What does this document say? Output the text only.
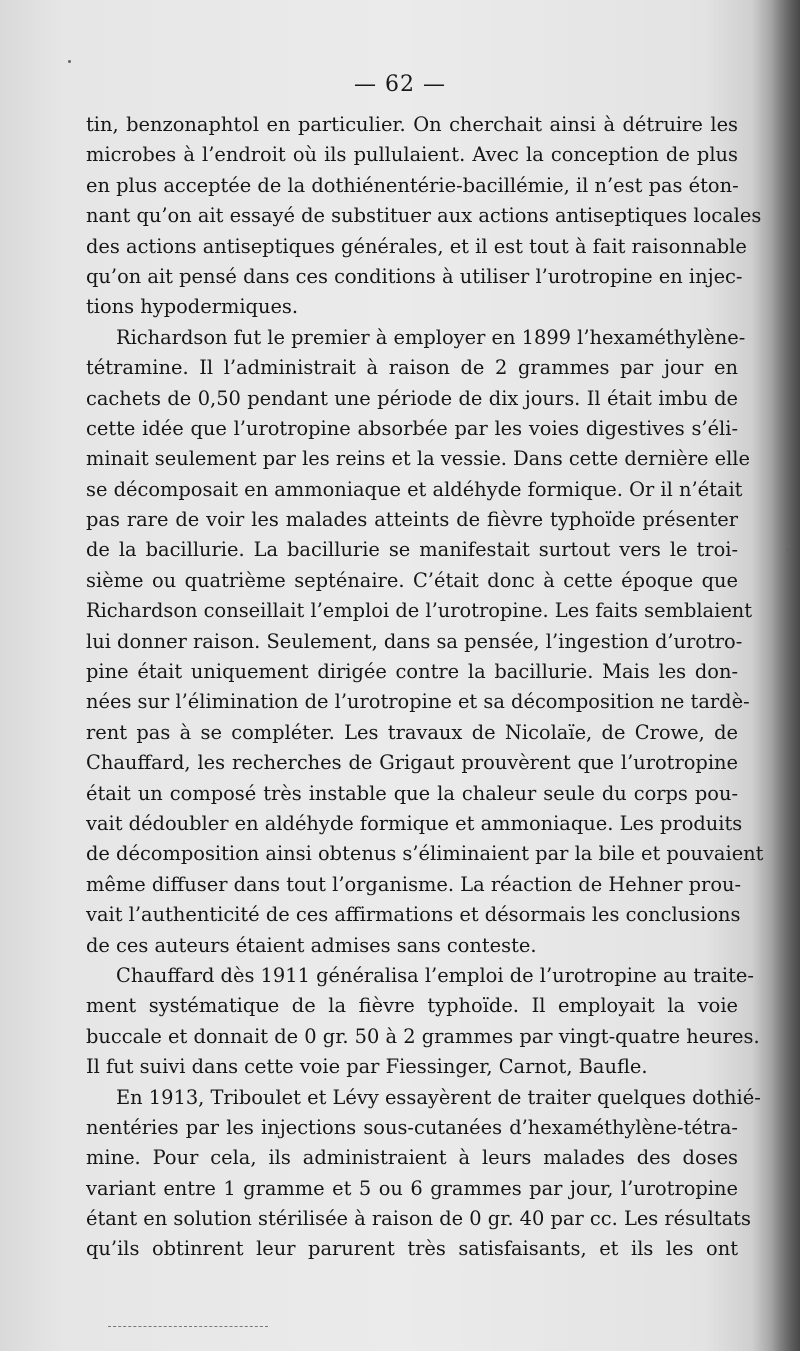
— 62 —
tin, benzonaphtol en particulier. On cherchait ainsi à détruire les
microbes à l’endroit où ils pullulaient. Avec la conception de plus
en plus acceptée de la dothiénentérie-bacillémie, il n’est pas éton-
nant qu’on ait essayé de substituer aux actions antiseptiques locales
des actions antiseptiques générales, et il est tout à fait raisonnable
qu’on ait pensé dans ces conditions à utiliser l’urotropine en injec-
tions hypodermiques.
Richardson fut le premier à employer en 1899 l’hexaméthylène-
tétramine. Il l’administrait à raison de 2 grammes par jour en
cachets de 0,50 pendant une période de dix jours. Il était imbu de
cette idée que l’urotropine absorbée par les voies digestives s’éli-
minait seulement par les reins et la vessie. Dans cette dernière elle
se décomposait en ammoniaque et aldéhyde formique. Or il n’était
pas rare de voir les malades atteints de fièvre typhoïde présenter
de la bacillurie. La bacillurie se manifestait surtout vers le troi-
sième ou quatrième septénaire. C’était donc à cette époque que
Richardson conseillait l’emploi de l’urotropine. Les faits semblaient
lui donner raison. Seulement, dans sa pensée, l’ingestion d’urotro-
pine était uniquement dirigée contre la bacillurie. Mais les don-
nées sur l’élimination de l’urotropine et sa décomposition ne tardè-
rent pas à se compléter. Les travaux de Nicolaïe, de Crowe, de
Chauffard, les recherches de Grigaut prouvèrent que l’urotropine
était un composé très instable que la chaleur seule du corps pou-
vait dédoubler en aldéhyde formique et ammoniaque. Les produits
de décomposition ainsi obtenus s’éliminaient par la bile et pouvaient
même diffuser dans tout l’organisme. La réaction de Hehner prou-
vait l’authenticité de ces affirmations et désormais les conclusions
de ces auteurs étaient admises sans conteste.
Chauffard dès 1911 généralisa l’emploi de l’urotropine au traite-
ment systématique de la fièvre typhoïde. Il employait la voie
buccale et donnait de 0 gr. 50 à 2 grammes par vingt-quatre heures.
Il fut suivi dans cette voie par Fiessinger, Carnot, Baufle.
En 1913, Triboulet et Lévy essayèrent de traiter quelques dothié-
nentéries par les injections sous-cutanées d’hexaméthylène-tétra-
mine. Pour cela, ils administraient à leurs malades des doses
variant entre 1 gramme et 5 ou 6 grammes par jour, l’urotropine
étant en solution stérilisée à raison de 0 gr. 40 par cc. Les résultats
qu’ils obtinrent leur parurent très satisfaisants, et ils les ont
